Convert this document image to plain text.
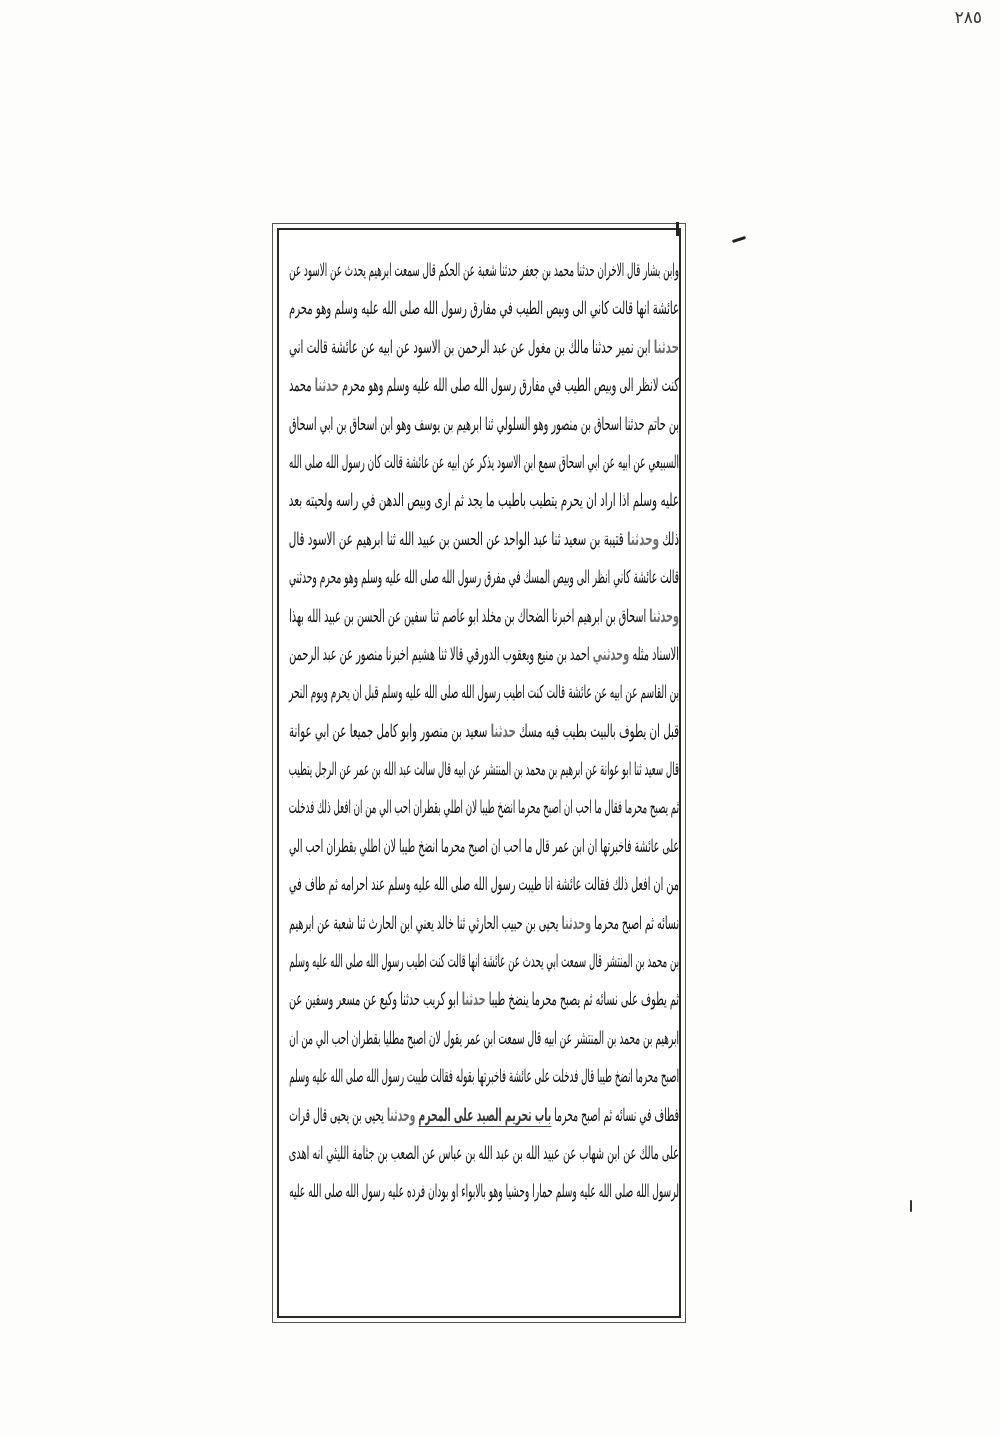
٢٨٥
وابن بشار قال الاخران حدثنا محمد بن جعفر حدثنا شعبة عن الحكم قال سمعت ابرهيم يحدث عن الاسود عن
عائشة انها قالت كاني الى وبيص الطيب في مفارق رسول الله صلى الله عليه وسلم وهو محرم
حدثنا ابن نمير حدثنا مالك بن مغول عن عبد الرحمن بن الاسود عن ابيه عن عائشة قالت اني
كنت لانظر الى وبيص الطيب في مفارق رسول الله صلى الله عليه وسلم وهو محرم حدثنا محمد
بن حاتم حدثنا اسحاق بن منصور وهو السلولي ثنا ابرهيم بن يوسف وهو ابن اسحاق بن ابي اسحاق
السبيعي عن ابيه عن ابي اسحاق سمع ابن الاسود يذكر عن ابيه عن عائشة قالت كان رسول الله صلى الله
عليه وسلم اذا اراد ان يحرم يتطيب باطيب ما يجد ثم ارى وبيص الدهن في راسه ولحيته بعد
ذلك وحدثنا قتيبة بن سعيد ثنا عبد الواحد عن الحسن بن عبيد الله ثنا ابرهيم عن الاسود قال
قالت عائشة كاني انظر الى وبيص المسك في مفرق رسول الله صلى الله عليه وسلم وهو محرم وحدثني
وحدثنا اسحاق بن ابرهيم اخبرنا الضحاك بن مخلد ابو عاصم ثنا سفين عن الحسن بن عبيد الله بهذا
الاسناد مثله وحدثني احمد بن منيع ويعقوب الدورقي قالا ثنا هشيم اخبرنا منصور عن عبد الرحمن
بن القاسم عن ابيه عن عائشة قالت كنت اطيب رسول الله صلى الله عليه وسلم قبل ان يحرم ويوم النحر
قبل ان يطوف بالبيت بطيب فيه مسك حدثنا سعيد بن منصور وابو كامل جميعا عن ابي عوانة
قال سعيد ثنا ابو عوانة عن ابرهيم بن محمد بن المنتشر عن ابيه قال سالت عبد الله بن عمر عن الرجل يتطيب
ثم يصبح محرما فقال ما احب ان اصبح محرما انضخ طيبا لان اطلي بقطران احب الي من ان افعل ذلك فدخلت
على عائشة فاخبرتها ان ابن عمر قال ما احب ان اصبح محرما انضخ طيبا لان اطلي بقطران احب الي
من ان افعل ذلك فقالت عائشة انا طيبت رسول الله صلى الله عليه وسلم عند احرامه ثم طاف في
نسائه ثم اصبح محرما وحدثنا يحيى بن حبيب الحارثي ثنا خالد يعني ابن الحارث ثنا شعبة عن ابرهيم
بن محمد بن المنتشر قال سمعت ابي يحدث عن عائشة انها قالت كنت اطيب رسول الله صلى الله عليه وسلم
ثم يطوف على نسائه ثم يصبح محرما ينضخ طيبا حدثنا ابو كريب حدثنا وكيع عن مسعر وسفين عن
ابرهيم بن محمد بن المنتشر عن ابيه قال سمعت ابن عمر يقول لان اصبح مطليا بقطران احب الي من ان
اصبح محرما انضخ طيبا قال فدخلت على عائشة فاخبرتها بقوله فقالت طيبت رسول الله صلى الله عليه وسلم
فطاف في نسائه ثم اصبح محرما باب تحريم الصيد على المحرم وحدثنا يحيى بن يحيى قال قرات
على مالك عن ابن شهاب عن عبيد الله بن عبد الله بن عباس عن الصعب بن جثامة الليثي انه اهدى
لرسول الله صلى الله عليه وسلم حمارا وحشيا وهو بالابواء او بودان فرده عليه رسول الله صلى الله عليه
